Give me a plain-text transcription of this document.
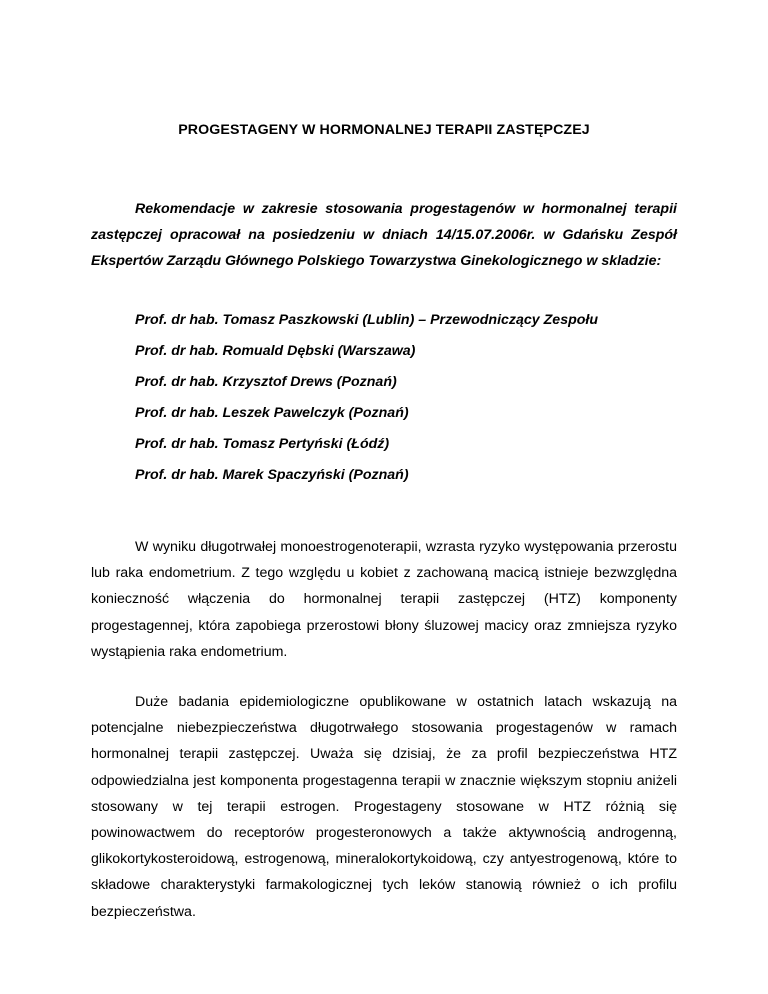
PROGESTAGENY W HORMONALNEJ TERAPII ZASTĘPCZEJ

Rekomendacje w zakresie stosowania progestagenów w hormonalnej terapii zastępczej opracował na posiedzeniu w dniach 14/15.07.2006r. w Gdańsku Zespół Ekspertów Zarządu Głównego Polskiego Towarzystwa Ginekologicznego w skladzie:

Prof. dr hab. Tomasz Paszkowski (Lublin) – Przewodniczący Zespołu
Prof. dr hab. Romuald Dębski (Warszawa)
Prof. dr hab. Krzysztof Drews (Poznań)
Prof. dr hab. Leszek Pawelczyk (Poznań)
Prof. dr hab. Tomasz Pertyński (Łódź)
Prof. dr hab. Marek Spaczyński (Poznań)

W wyniku długotrwałej monoestrogenoterapii, wzrasta ryzyko występowania przerostu lub raka endometrium. Z tego względu u kobiet z zachowaną macicą istnieje bezwzględna konieczność włączenia do hormonalnej terapii zastępczej (HTZ) komponenty progestagennej, która zapobiega przerostowi błony śluzowej macicy oraz zmniejsza ryzyko wystąpienia raka endometrium.

Duże badania epidemiologiczne opublikowane w ostatnich latach wskazują na potencjalne niebezpieczeństwa długotrwałego stosowania progestagenów w ramach hormonalnej terapii zastępczej. Uważa się dzisiaj, że za profil bezpieczeństwa HTZ odpowiedzialna jest komponenta progestagenna terapii w znacznie większym stopniu aniżeli stosowany w tej terapii estrogen. Progestageny stosowane w HTZ różnią się powinowactwem do receptorów progesteronowych a także aktywnością androgenną, glikokortykosteroidową, estrogenową, mineralokortykoidową, czy antyestrogenową, które to składowe charakterystyki farmakologicznej tych leków stanowią również o ich profilu bezpieczeństwa.
